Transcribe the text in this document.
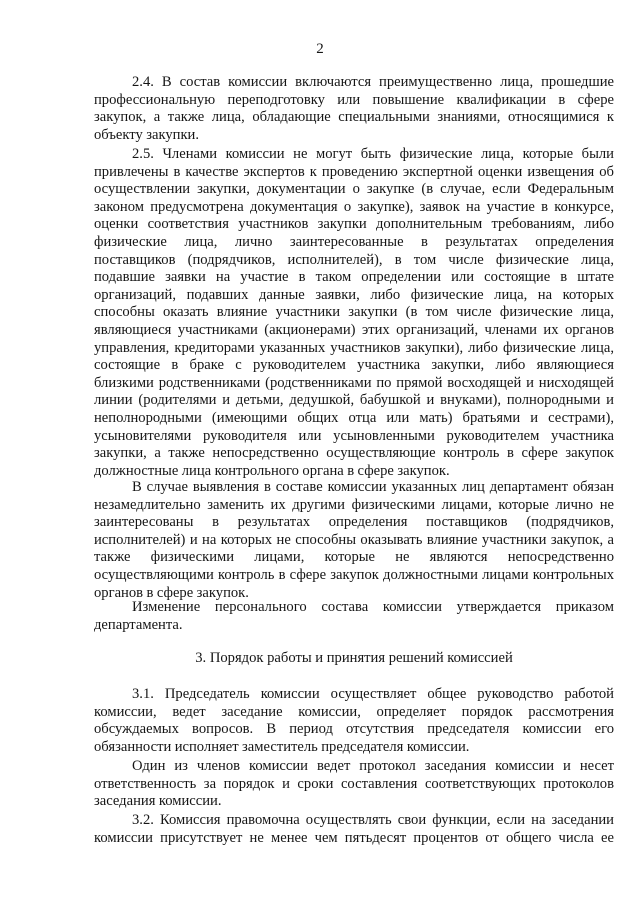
2

2.4. В состав комиссии включаются преимущественно лица, прошедшие профессиональную переподготовку или повышение квалификации в сфере закупок, а также лица, обладающие специальными знаниями, относящимися к объекту закупки.

2.5. Членами комиссии не могут быть физические лица, которые были привлечены в качестве экспертов к проведению экспертной оценки извещения об осуществлении закупки, документации о закупке (в случае, если Федеральным законом предусмотрена документация о закупке), заявок на участие в конкурсе, оценки соответствия участников закупки дополнительным требованиям, либо физические лица, лично заинтересованные в результатах определения поставщиков (подрядчиков, исполнителей), в том числе физические лица, подавшие заявки на участие в таком определении или состоящие в штате организаций, подавших данные заявки, либо физические лица, на которых способны оказать влияние участники закупки (в том числе физические лица, являющиеся участниками (акционерами) этих организаций, членами их органов управления, кредиторами указанных участников закупки), либо физические лица, состоящие в браке с руководителем участника закупки, либо являющиеся близкими родственниками (родственниками по прямой восходящей и нисходящей линии (родителями и детьми, дедушкой, бабушкой и внуками), полнородными и неполнородными (имеющими общих отца или мать) братьями и сестрами), усыновителями руководителя или усыновленными руководителем участника закупки, а также непосредственно осуществляющие контроль в сфере закупок должностные лица контрольного органа в сфере закупок.

В случае выявления в составе комиссии указанных лиц департамент обязан незамедлительно заменить их другими физическими лицами, которые лично не заинтересованы в результатах определения поставщиков (подрядчиков, исполнителей) и на которых не способны оказывать влияние участники закупок, а также физическими лицами, которые не являются непосредственно осуществляющими контроль в сфере закупок должностными лицами контрольных органов в сфере закупок.

Изменение персонального состава комиссии утверждается приказом департамента.

3. Порядок работы и принятия решений комиссией

3.1. Председатель комиссии осуществляет общее руководство работой комиссии, ведет заседание комиссии, определяет порядок рассмотрения обсуждаемых вопросов. В период отсутствия председателя комиссии его обязанности исполняет заместитель председателя комиссии.

Один из членов комиссии ведет протокол заседания комиссии и несет ответственность за порядок и сроки составления соответствующих протоколов заседания комиссии.

3.2. Комиссия правомочна осуществлять свои функции, если на заседании комиссии присутствует не менее чем пятьдесят процентов от общего числа ее
